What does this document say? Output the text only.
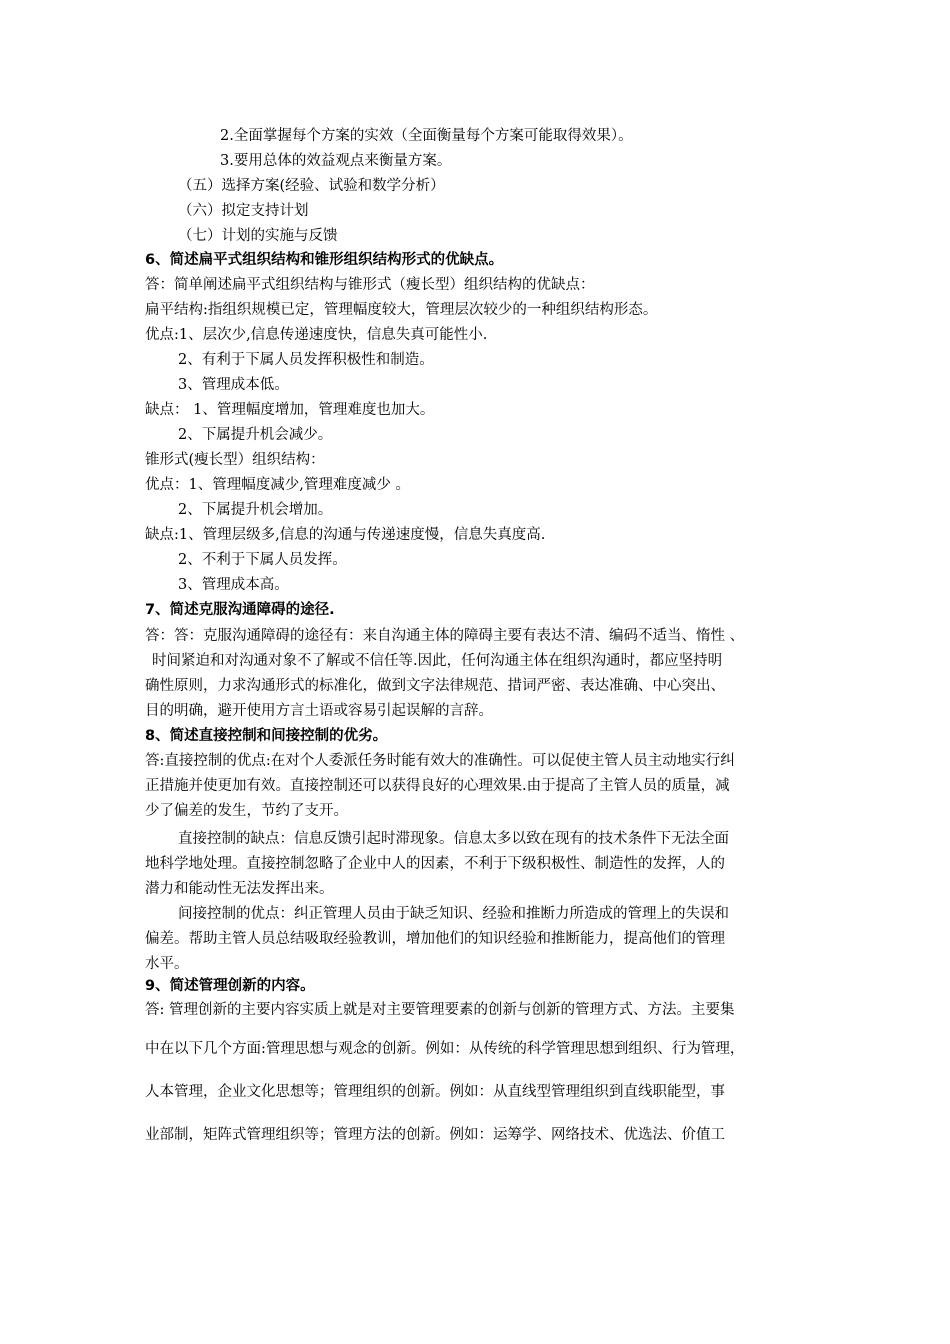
2.全面掌握每个方案的实效（全面衡量每个方案可能取得效果）。
3.要用总体的效益观点来衡量方案。
（五）选择方案(经验、试验和数学分析）
（六）拟定支持计划
（七）计划的实施与反馈
6、简述扁平式组织结构和锥形组织结构形式的优缺点。
答：简单阐述扁平式组织结构与锥形式（瘦长型）组织结构的优缺点：
扁平结构:指组织规模已定，管理幅度较大，管理层次较少的一种组织结构形态。
优点:1、层次少,信息传递速度快，信息失真可能性小.
2、有利于下属人员发挥积极性和制造。
3、管理成本低。
缺点： 1、管理幅度增加，管理难度也加大。
2、下属提升机会减少。
锥形式(瘦长型）组织结构：
优点：1、管理幅度减少,管理难度减少 。
2、下属提升机会增加。
缺点:1、管理层级多,信息的沟通与传递速度慢，信息失真度高.
2、不利于下属人员发挥。
3、管理成本高。
7、简述克服沟通障碍的途径.
答：答：克服沟通障碍的途径有：来自沟通主体的障碍主要有表达不清、编码不适当、惰性 、
时间紧迫和对沟通对象不了解或不信任等.因此，任何沟通主体在组织沟通时，都应坚持明
确性原则，力求沟通形式的标准化，做到文字法律规范、措词严密、表达准确、中心突出、
目的明确，避开使用方言土语或容易引起误解的言辞。
8、简述直接控制和间接控制的优劣。
答:直接控制的优点:在对个人委派任务时能有效大的准确性。可以促使主管人员主动地实行纠
正措施并使更加有效。直接控制还可以获得良好的心理效果.由于提高了主管人员的质量，减
少了偏差的发生，节约了支开。
直接控制的缺点：信息反馈引起时滞现象。信息太多以致在现有的技术条件下无法全面
地科学地处理。直接控制忽略了企业中人的因素，不利于下级积极性、制造性的发挥，人的
潜力和能动性无法发挥出来。
间接控制的优点：纠正管理人员由于缺乏知识、经验和推断力所造成的管理上的失误和
偏差。帮助主管人员总结吸取经验教训，增加他们的知识经验和推断能力，提高他们的管理
水平。
9、简述管理创新的内容。
答: 管理创新的主要内容实质上就是对主要管理要素的创新与创新的管理方式、方法。主要集
中在以下几个方面:管理思想与观念的创新。例如：从传统的科学管理思想到组织、行为管理，
人本管理，企业文化思想等；管理组织的创新。例如：从直线型管理组织到直线职能型，事
业部制，矩阵式管理组织等；管理方法的创新。例如：运筹学、网络技术、优选法、价值工
